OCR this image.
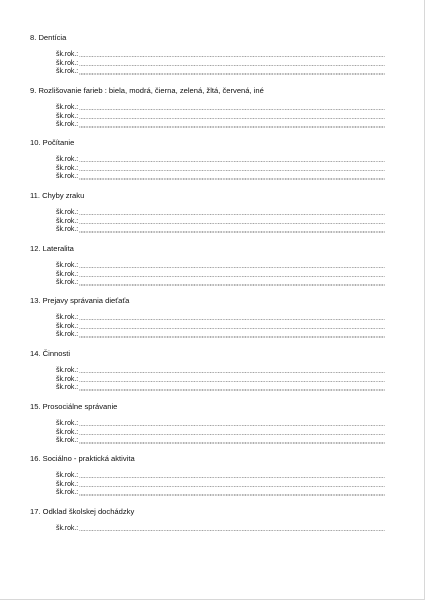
8. Dentícia
šk.rok.:
šk.rok.:
šk.rok.:
9. Rozlišovanie farieb : biela, modrá, čierna, zelená, žltá, červená, iné
šk.rok.:
šk.rok.:
šk.rok.:
10. Počítanie
šk.rok.:
šk.rok.:
šk.rok.:
11. Chyby zraku
šk.rok.:
šk.rok.:
šk.rok.:
12. Lateralita
šk.rok.:
šk.rok.:
šk.rok.:
13. Prejavy správania dieťaťa
šk.rok.:
šk.rok.:
šk.rok.:
14. Činnosti
šk.rok.:
šk.rok.:
šk.rok.:
15. Prosociálne správanie
šk.rok.:
šk.rok.:
šk.rok.:
16. Sociálno - praktická aktivita
šk.rok.:
šk.rok.:
šk.rok.:
17. Odklad školskej dochádzky
šk.rok.:
